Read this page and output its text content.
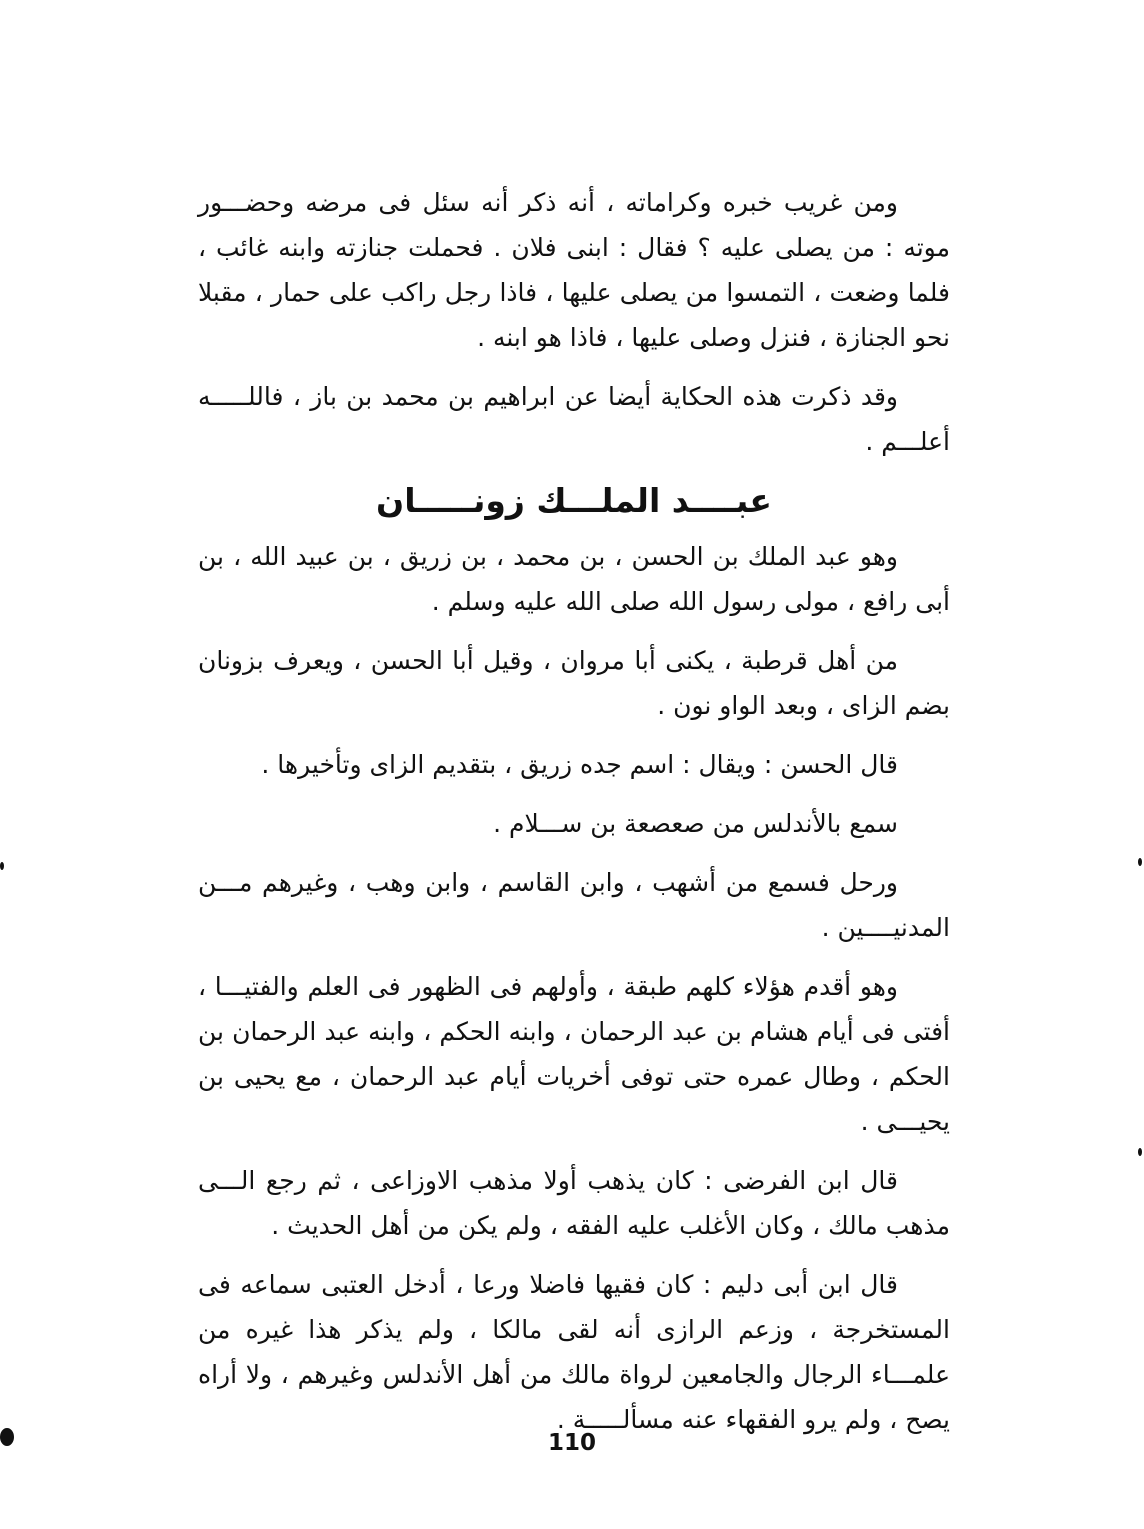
ومن غريب خبره وكراماته ، أنه ذكر أنه سئل فى مرضه وحضـــور موته : من يصلى عليه ؟ فقال : ابنى فلان . فحملت جنازته وابنه غائب ، فلما وضعت ، التمسوا من يصلى عليها ، فاذا رجل راكب على حمار ، مقبلا نحو الجنازة ، فنزل وصلى عليها ، فاذا هو ابنه .

وقد ذكرت هذه الحكاية أيضا عن ابراهيم بن محمد بن باز ، فاللـــــه أعلـــم .

عبــــد الملـــك زونـــــان

وهو عبد الملك بن الحسن ، بن محمد ، بن زريق ، بن عبيد الله ، بن أبى رافع ، مولى رسول الله صلى الله عليه وسلم .

من أهل قرطبة ، يكنى أبا مروان ، وقيل أبا الحسن ، ويعرف بزونان بضم الزاى ، وبعد الواو نون .

قال الحسن : ويقال : اسم جده زريق ، بتقديم الزاى وتأخيرها .

سمع بالأندلس من صعصعة بن ســـلام .

ورحل فسمع من أشهب ، وابن القاسم ، وابن وهب ، وغيرهم مـــن المدنيــــين .

وهو أقدم هؤلاء كلهم طبقة ، وأولهم فى الظهور فى العلم والفتيـــا ، أفتى فى أيام هشام بن عبد الرحمان ، وابنه الحكم ، وابنه عبد الرحمان بن الحكم ، وطال عمره حتى توفى أخريات أيام عبد الرحمان ، مع يحيى بن يحيـــى .

قال ابن الفرضى : كان يذهب أولا مذهب الاوزاعى ، ثم رجع الـــى مذهب مالك ، وكان الأغلب عليه الفقه ، ولم يكن من أهل الحديث .

قال ابن أبى دليم : كان فقيها فاضلا ورعا ، أدخل العتبى سماعه فى المستخرجة ، وزعم الرازى أنه لقى مالكا ، ولم يذكر هذا غيره من علمـــاء الرجال والجامعين لرواة مالك من أهل الأندلس وغيرهم ، ولا أراه يصح ، ولم يرو الفقهاء عنه مسألـــــة .

110
